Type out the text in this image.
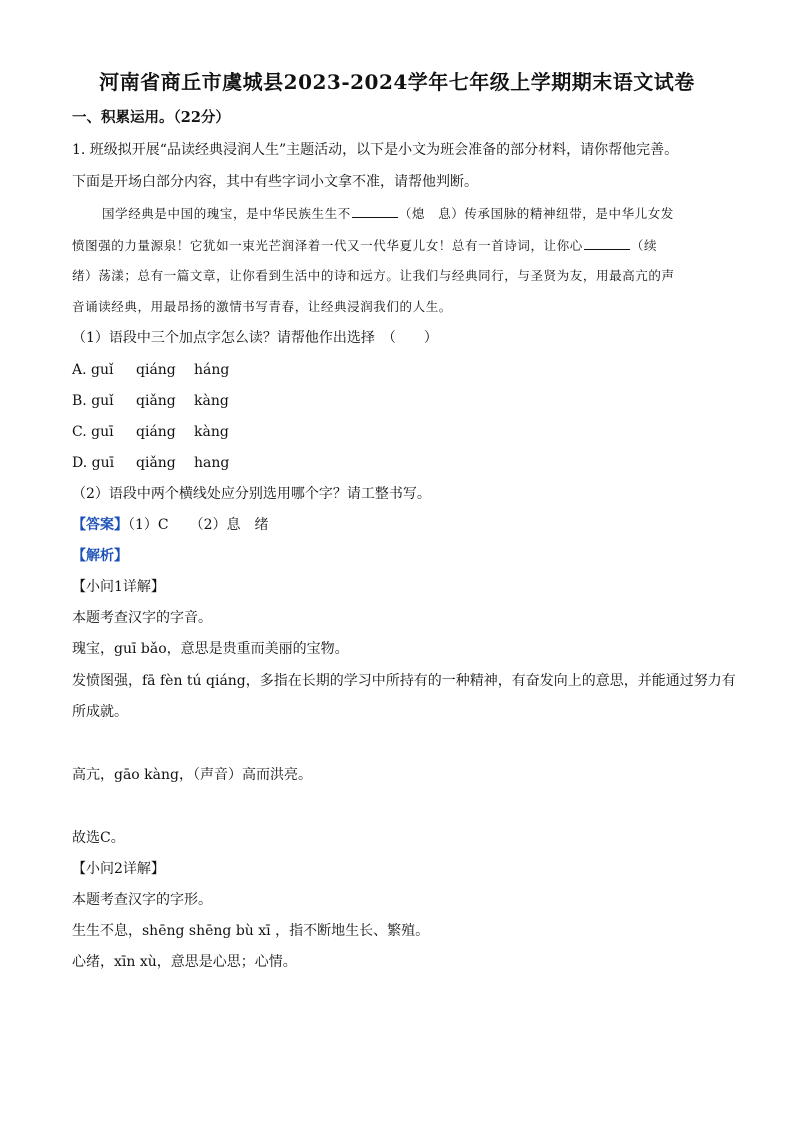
河南省商丘市虞城县2023-2024学年七年级上学期期末语文试卷
一、积累运用。（22分）
1. 班级拟开展“品读经典浸润人生”主题活动，以下是小文为班会准备的部分材料，请你帮他完善。
下面是开场白部分内容，其中有些字词小文拿不准，请帮他判断。
国学经典是中国的瑰宝，是中华民族生生不	（熄　息）传承国脉的精神纽带，是中华儿女发
愤图强的力量源泉！它犹如一束光芒润泽着一代又一代华夏儿女！总有一首诗词，让你心	（续
绪）荡漾；总有一篇文章，让你看到生活中的诗和远方。让我们与经典同行，与圣贤为友，用最高亢的声
音诵读经典，用最昂扬的激情书写青春，让经典浸润我们的人生。
（1）语段中三个加点字怎么读？请帮他作出选择　（　　）
A. guǐ qiáng háng
B. guǐ qiǎng kàng
C. guī qiáng kàng
D. guī qiǎng hang
（2）语段中两个横线处应分别选用哪个字？请工整书写。
【答案】（1）C　　（2）息　绪
【解析】
【小问1详解】
本题考查汉字的字音。
瑰宝，guī bǎo，意思是贵重而美丽的宝物。
发愤图强，fā fèn tú qiáng，多指在长期的学习中所持有的一种精神，有奋发向上的意思，并能通过努力有
所成就。
高亢，gāo kàng，（声音）高而洪亮。
故选C。
【小问2详解】
本题考查汉字的字形。
生生不息，shēng shēng bù xī ，指不断地生长、繁殖。
心绪，xīn xù，意思是心思；心情。
